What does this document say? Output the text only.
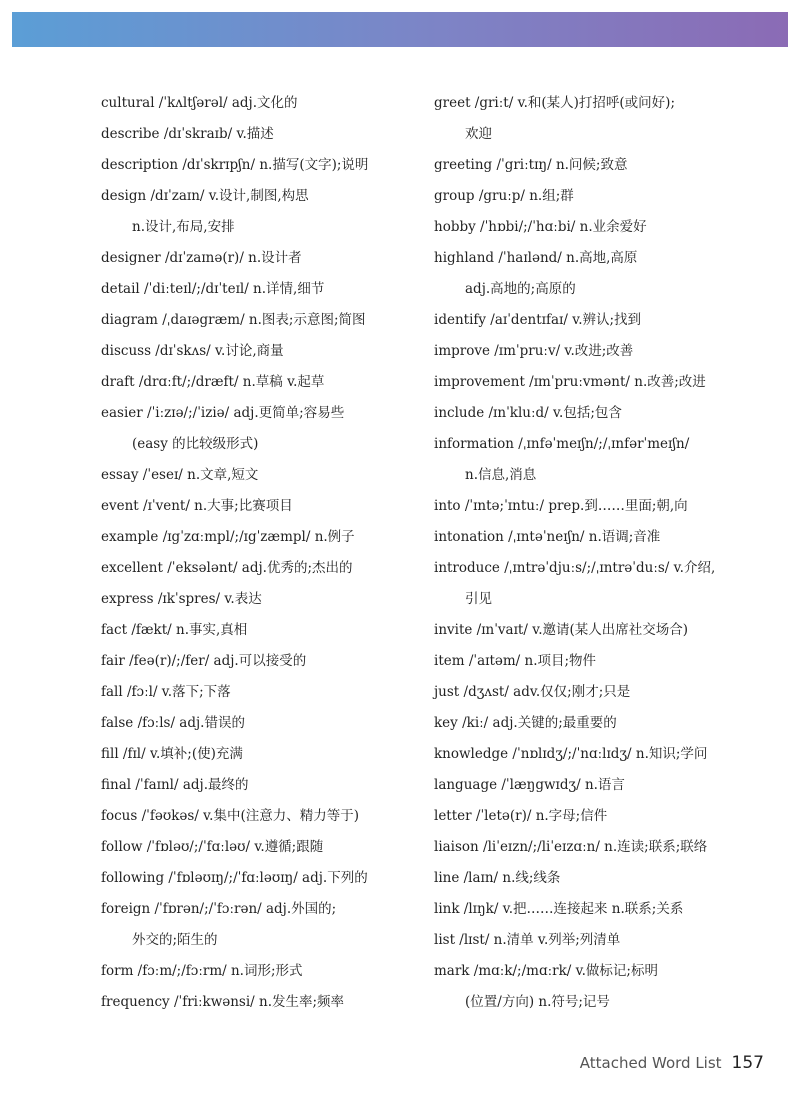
cultural /ˈkʌltʃərəl/ adj.文化的
describe /dɪˈskraɪb/ v.描述
description /dɪˈskrɪpʃn/ n.描写(文字);说明
design /dɪˈzaɪn/ v.设计,制图,构思
n.设计,布局,安排
designer /dɪˈzaɪnə(r)/ n.设计者
detail /ˈdiːteɪl/;/dɪˈteɪl/ n.详情,细节
diagram /ˌdaɪəgræm/ n.图表;示意图;简图
discuss /dɪˈskʌs/ v.讨论,商量
draft /drɑːft/;/dræft/ n.草稿 v.起草
easier /ˈiːzɪə/;/ˈiziə/ adj.更简单;容易些
(easy 的比较级形式)
essay /ˈeseɪ/ n.文章,短文
event /ɪˈvent/ n.大事;比赛项目
example /ɪgˈzɑːmpl/;/ɪgˈzæmpl/ n.例子
excellent /ˈeksələnt/ adj.优秀的;杰出的
express /ɪkˈspres/ v.表达
fact /fækt/ n.事实,真相
fair /feə(r)/;/fer/ adj.可以接受的
fall /fɔːl/ v.落下;下落
false /fɔːls/ adj.错误的
fill /fɪl/ v.填补;(使)充满
final /ˈfaɪnl/ adj.最终的
focus /ˈfəʊkəs/ v.集中(注意力、精力等于)
follow /ˈfɒləʊ/;/ˈfɑːləʊ/ v.遵循;跟随
following /ˈfɒləʊɪŋ/;/ˈfɑːləʊɪŋ/ adj.下列的
foreign /ˈfɒrən/;/ˈfɔːrən/ adj.外国的;
外交的;陌生的
form /fɔːm/;/fɔːrm/ n.词形;形式
frequency /ˈfriːkwənsi/ n.发生率;频率
greet /griːt/ v.和(某人)打招呼(或问好);
欢迎
greeting /ˈgriːtɪŋ/ n.问候;致意
group /gruːp/ n.组;群
hobby /ˈhɒbi/;/ˈhɑːbi/ n.业余爱好
highland /ˈhaɪlənd/ n.高地,高原
adj.高地的;高原的
identify /aɪˈdentɪfaɪ/ v.辨认;找到
improve /ɪmˈpruːv/ v.改进;改善
improvement /ɪmˈpruːvmənt/ n.改善;改进
include /ɪnˈkluːd/ v.包括;包含
information /ˌɪnfəˈmeɪʃn/;/ˌɪnfərˈmeɪʃn/
n.信息,消息
into /ˈɪntə;ˈɪntuː/ prep.到……里面;朝,向
intonation /ˌɪntəˈneɪʃn/ n.语调;音准
introduce /ˌɪntrəˈdjuːs/;/ˌɪntrəˈduːs/ v.介绍,
引见
invite /ɪnˈvaɪt/ v.邀请(某人出席社交场合)
item /ˈaɪtəm/ n.项目;物件
just /dʒʌst/ adv.仅仅;刚才;只是
key /kiː/ adj.关键的;最重要的
knowledge /ˈnɒlɪdʒ/;/ˈnɑːlɪdʒ/ n.知识;学问
language /ˈlæŋgwɪdʒ/ n.语言
letter /ˈletə(r)/ n.字母;信件
liaison /liˈeɪzn/;/liˈeɪzɑːn/ n.连读;联系;联络
line /laɪn/ n.线;线条
link /lɪŋk/ v.把……连接起来 n.联系;关系
list /lɪst/ n.清单 v.列举;列清单
mark /mɑːk/;/mɑːrk/ v.做标记;标明
(位置/方向) n.符号;记号
Attached Word List 157
